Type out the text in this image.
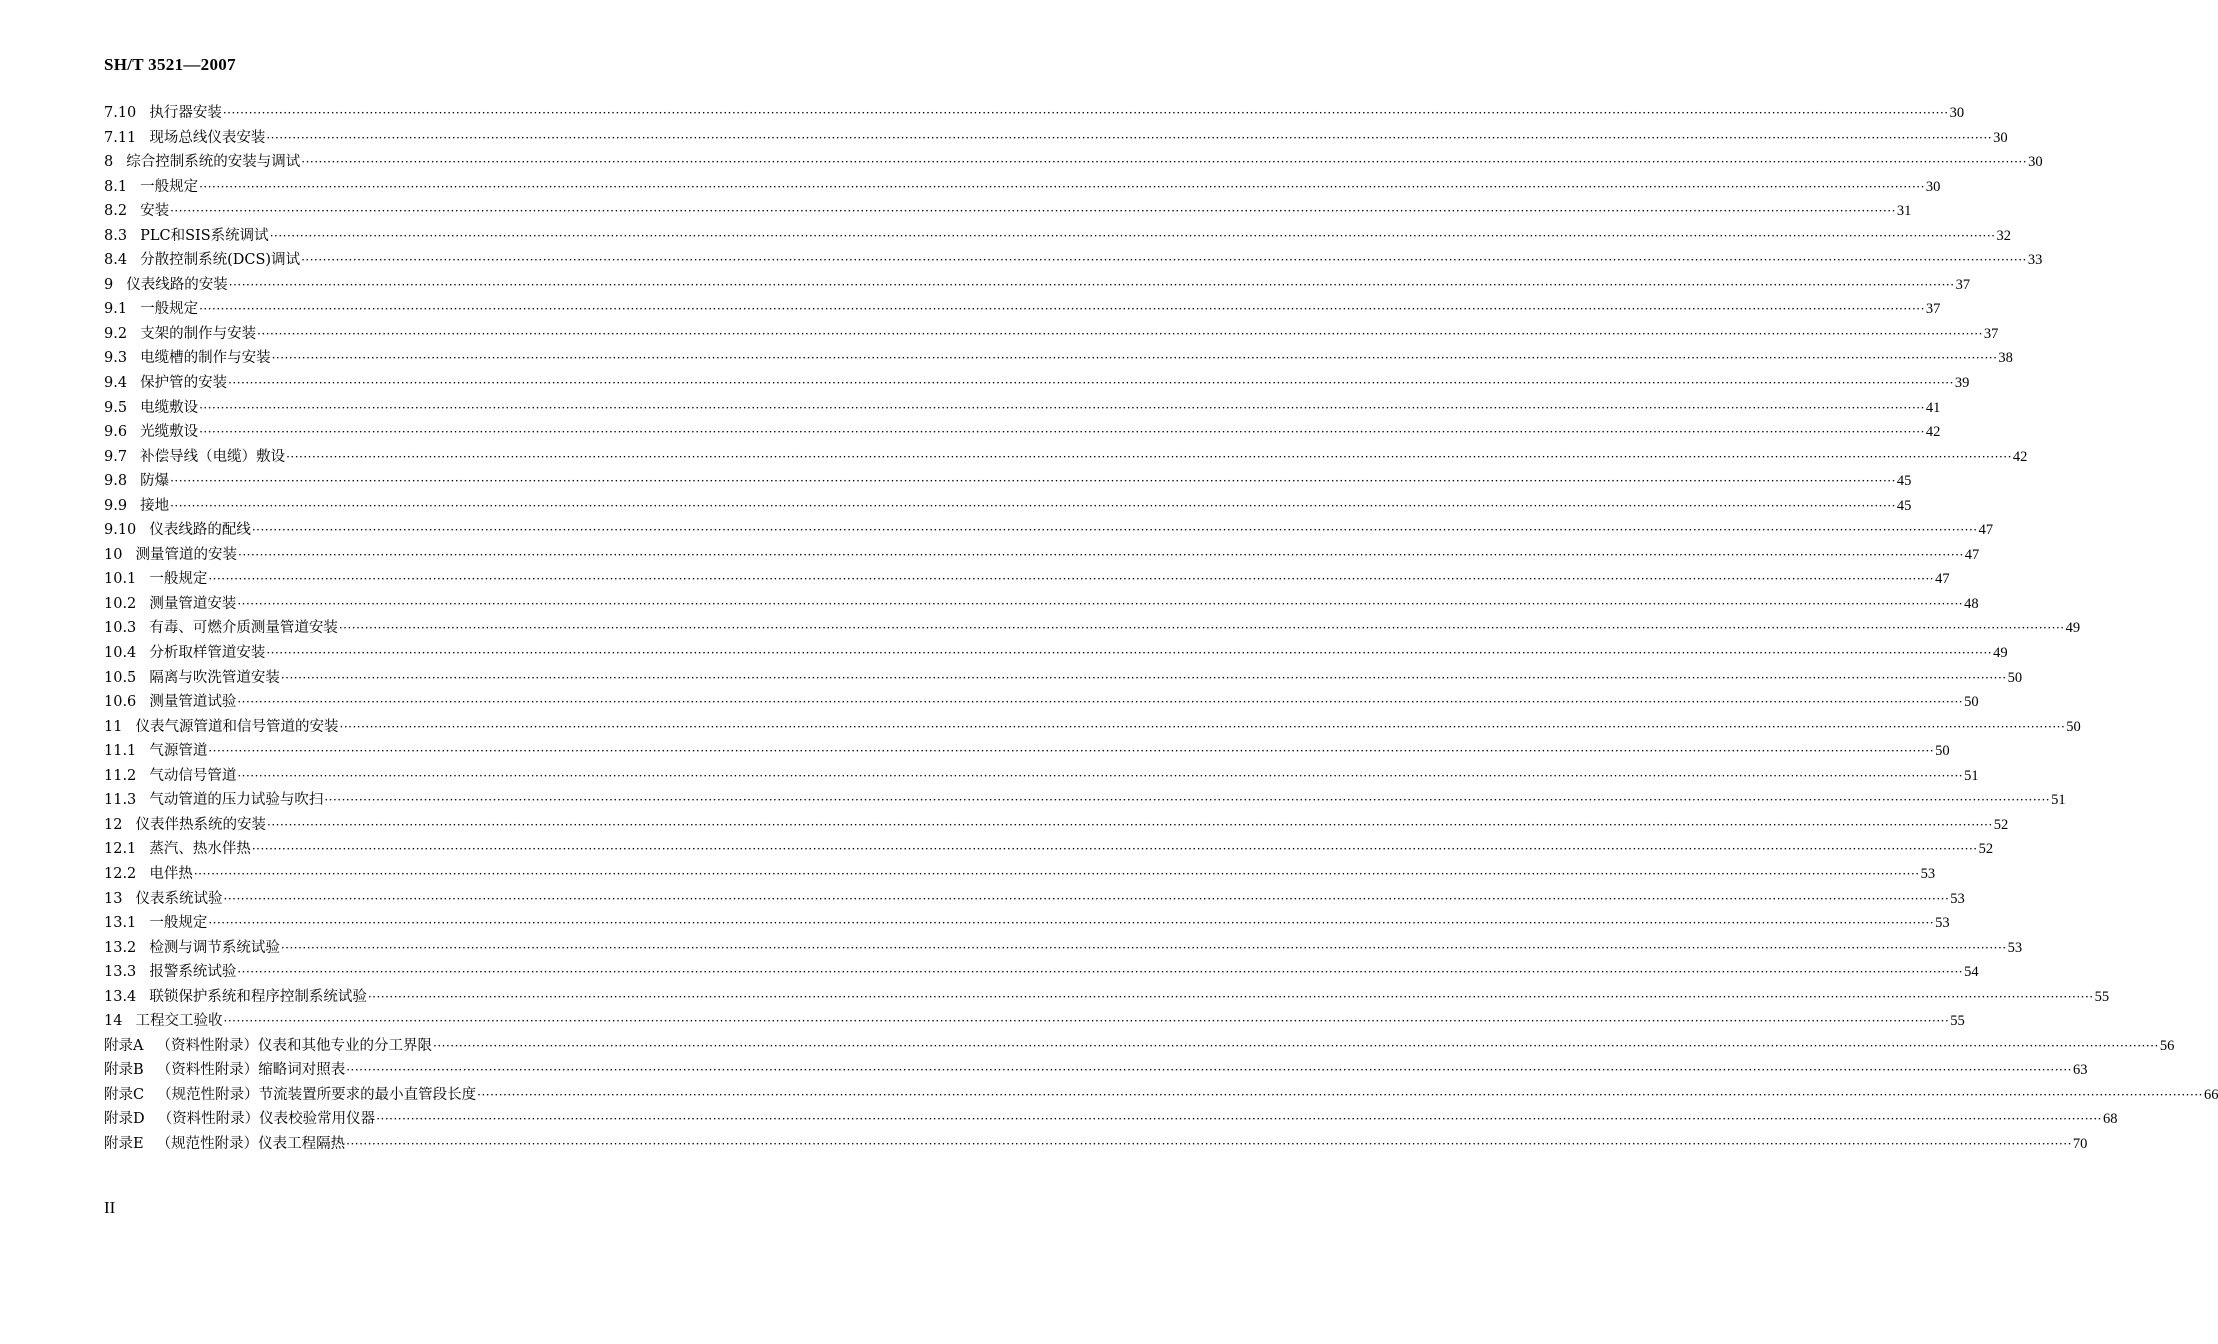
SH/T 3521—2007
7.10 执行器安装 ················································································································································································································································································································································································································ 30
7.11 现场总线仪表安装 ················································································································································································································································································································································································································ 30
8 综合控制系统的安装与调试 ················································································································································································································································································································································································································ 30
8.1 一般规定 ················································································································································································································································································································································································································ 30
8.2 安装 ················································································································································································································································································································································································································ 31
8.3 PLC和SIS系统调试 ················································································································································································································································································································································································································ 32
8.4 分散控制系统(DCS)调试 ················································································································································································································································································································································································································ 33
9 仪表线路的安装 ················································································································································································································································································································································································································ 37
9.1 一般规定 ················································································································································································································································································································································································································ 37
9.2 支架的制作与安装 ················································································································································································································································································································································································································ 37
9.3 电缆槽的制作与安装 ················································································································································································································································································································································································································ 38
9.4 保护管的安装 ················································································································································································································································································································································································································ 39
9.5 电缆敷设 ················································································································································································································································································································································································································ 41
9.6 光缆敷设 ················································································································································································································································································································································································································ 42
9.7 补偿导线（电缆）敷设 ················································································································································································································································································································································································································ 42
9.8 防爆 ················································································································································································································································································································································································································ 45
9.9 接地 ················································································································································································································································································································································································································ 45
9.10 仪表线路的配线 ················································································································································································································································································································································································································ 47
10 测量管道的安装 ················································································································································································································································································································································································································ 47
10.1 一般规定 ················································································································································································································································································································································································································ 47
10.2 测量管道安装 ················································································································································································································································································································································································································ 48
10.3 有毒、可燃介质测量管道安装 ················································································································································································································································································································································································································ 49
10.4 分析取样管道安装 ················································································································································································································································································································································································································ 49
10.5 隔离与吹洗管道安装 ················································································································································································································································································································································································································ 50
10.6 测量管道试验 ················································································································································································································································································································································································································ 50
11 仪表气源管道和信号管道的安装 ················································································································································································································································································································································································································ 50
11.1 气源管道 ················································································································································································································································································································································································································ 50
11.2 气动信号管道 ················································································································································································································································································································································································································ 51
11.3 气动管道的压力试验与吹扫 ················································································································································································································································································································································································································ 51
12 仪表伴热系统的安装 ················································································································································································································································································································································································································ 52
12.1 蒸汽、热水伴热 ················································································································································································································································································································································································································ 52
12.2 电伴热 ················································································································································································································································································································································································································ 53
13 仪表系统试验 ················································································································································································································································································································································································································ 53
13.1 一般规定 ················································································································································································································································································································································································································ 53
13.2 检测与调节系统试验 ················································································································································································································································································································································································································ 53
13.3 报警系统试验 ················································································································································································································································································································································································································ 54
13.4 联锁保护系统和程序控制系统试验 ················································································································································································································································································································································································································ 55
14 工程交工验收 ················································································································································································································································································································································································································ 55
附录A （资料性附录）仪表和其他专业的分工界限 ················································································································································································································································································································································································································ 56
附录B （资料性附录）缩略词对照表 ················································································································································································································································································································································································································ 63
附录C （规范性附录）节流装置所要求的最小直管段长度 ················································································································································································································································································································································································································ 66
附录D （资料性附录）仪表校验常用仪器 ················································································································································································································································································································································································································ 68
附录E （规范性附录）仪表工程隔热 ················································································································································································································································································································································································································ 70
II
